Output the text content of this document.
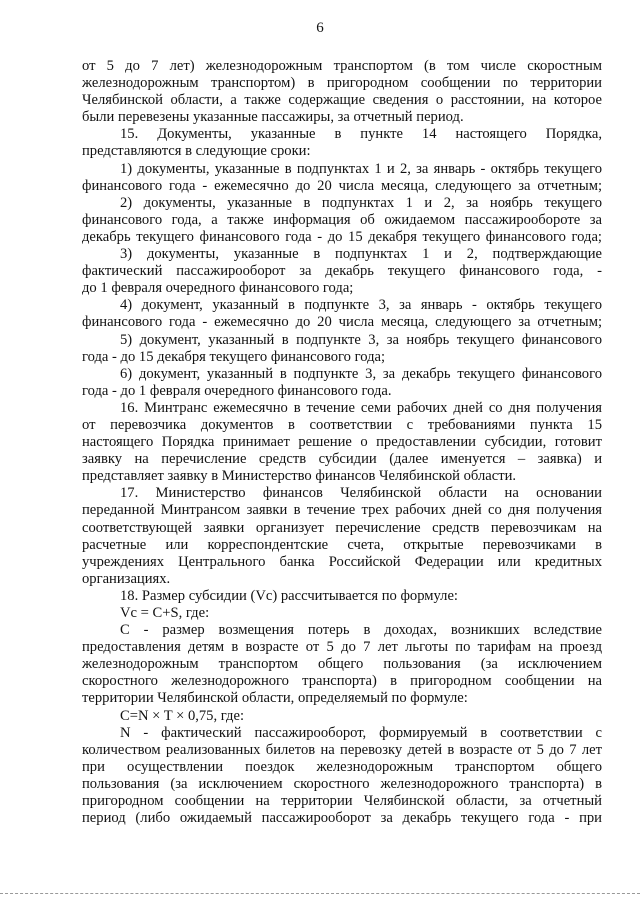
6
от 5 до 7 лет) железнодорожным транспортом (в том числе скоростным
железнодорожным транспортом) в пригородном сообщении по территории
Челябинской области, а также содержащие сведения о расстоянии, на которое
были перевезены указанные пассажиры, за отчетный период.
15. Документы, указанные в пункте 14 настоящего Порядка,
представляются в следующие сроки:
1) документы, указанные в подпунктах 1 и 2, за январь - октябрь текущего
финансового года - ежемесячно до 20 числа месяца, следующего за отчетным;
2) документы, указанные в подпунктах 1 и 2, за ноябрь текущего
финансового года, а также информация об ожидаемом пассажирообороте за
декабрь текущего финансового года - до 15 декабря текущего финансового года;
3) документы, указанные в подпунктах 1 и 2, подтверждающие
фактический пассажирооборот за декабрь текущего финансового года, -
до 1 февраля очередного финансового года;
4) документ, указанный в подпункте 3, за январь - октябрь текущего
финансового года - ежемесячно до 20 числа месяца, следующего за отчетным;
5) документ, указанный в подпункте 3, за ноябрь текущего финансового
года - до 15 декабря текущего финансового года;
6) документ, указанный в подпункте 3, за декабрь текущего финансового
года - до 1 февраля очередного финансового года.
16. Минтранс ежемесячно в течение семи рабочих дней со дня получения
от перевозчика документов в соответствии с требованиями пункта 15
настоящего Порядка принимает решение о предоставлении субсидии, готовит
заявку на перечисление средств субсидии (далее именуется – заявка) и
представляет заявку в Министерство финансов Челябинской области.
17. Министерство финансов Челябинской области на основании
переданной Минтрансом заявки в течение трех рабочих дней со дня получения
соответствующей заявки организует перечисление средств перевозчикам на
расчетные или корреспондентские счета, открытые перевозчиками в
учреждениях Центрального банка Российской Федерации или кредитных
организациях.
18. Размер субсидии (Vc) рассчитывается по формуле:
Vc = C+S, где:
C - размер возмещения потерь в доходах, возникших вследствие
предоставления детям в возрасте от 5 до 7 лет льготы по тарифам на проезд
железнодорожным транспортом общего пользования (за исключением
скоростного железнодорожного транспорта) в пригородном сообщении на
территории Челябинской области, определяемый по формуле:
C=N × T × 0,75, где:
N - фактический пассажирооборот, формируемый в соответствии с
количеством реализованных билетов на перевозку детей в возрасте от 5 до 7 лет
при осуществлении поездок железнодорожным транспортом общего
пользования (за исключением скоростного железнодорожного транспорта) в
пригородном сообщении на территории Челябинской области, за отчетный
период (либо ожидаемый пассажирооборот за декабрь текущего года - при
